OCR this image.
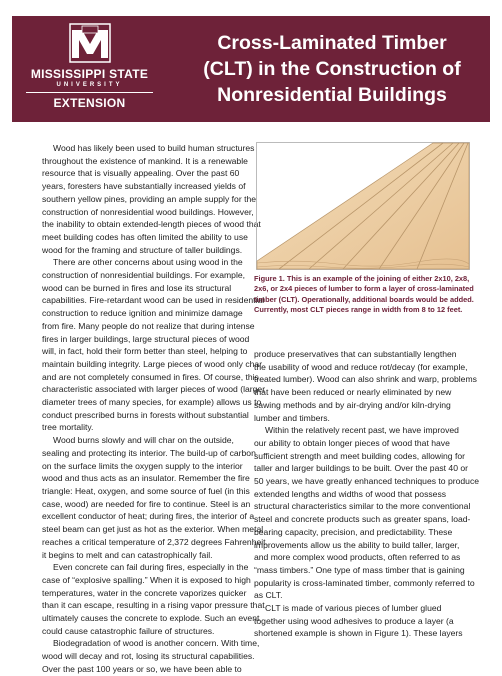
MISSISSIPPI STATE
UNIVERSITY
EXTENSION
Cross-Laminated Timber
(CLT) in the Construction of
Nonresidential Buildings
Wood has likely been used to build human structures
throughout the existence of mankind. It is a renewable
resource that is visually appealing. Over the past 60
years, foresters have substantially increased yields of
southern yellow pines, providing an ample supply for the
construction of nonresidential wood buildings. However,
the inability to obtain extended-length pieces of wood that
meet building codes has often limited the ability to use
wood for the framing and structure of taller buildings.
There are other concerns about using wood in the
construction of nonresidential buildings. For example,
wood can be burned in fires and lose its structural
capabilities. Fire-retardant wood can be used in residential
construction to reduce ignition and minimize damage
from fire. Many people do not realize that during intense
fires in larger buildings, large structural pieces of wood
will, in fact, hold their form better than steel, helping to
maintain building integrity. Large pieces of wood only char
and are not completely consumed in fires. Of course, this
characteristic associated with larger pieces of wood (larger
diameter trees of many species, for example) allows us to
conduct prescribed burns in forests without substantial
tree mortality.
Wood burns slowly and will char on the outside,
sealing and protecting its interior. The build-up of carbon
on the surface limits the oxygen supply to the interior
wood and thus acts as an insulator. Remember the fire
triangle: Heat, oxygen, and some source of fuel (in this
case, wood) are needed for fire to continue. Steel is an
excellent conductor of heat; during fires, the interior of a
steel beam can get just as hot as the exterior. When metal
reaches a critical temperature of 2,372 degrees Fahrenheit,
it begins to melt and can catastrophically fail.
Even concrete can fail during fires, especially in the
case of “explosive spalling.” When it is exposed to high
temperatures, water in the concrete vaporizes quicker
than it can escape, resulting in a rising vapor pressure that
ultimately causes the concrete to explode. Such an event
could cause catastrophic failure of structures.
Biodegradation of wood is another concern. With time,
wood will decay and rot, losing its structural capabilities.
Over the past 100 years or so, we have been able to
Figure 1. This is an example of the joining of either 2x10, 2x8, 2x6, or 2x4 pieces of lumber to form a layer of cross-laminated timber (CLT). Operationally, additional boards would be added. Currently, most CLT pieces range in width from 8 to 12 feet.
produce preservatives that can substantially lengthen
the usability of wood and reduce rot/decay (for example,
treated lumber). Wood can also shrink and warp, problems
that have been reduced or nearly eliminated by new
sawing methods and by air-drying and/or kiln-drying
lumber and timbers.
Within the relatively recent past, we have improved
our ability to obtain longer pieces of wood that have
sufficient strength and meet building codes, allowing for
taller and larger buildings to be built. Over the past 40 or
50 years, we have greatly enhanced techniques to produce
extended lengths and widths of wood that possess
structural characteristics similar to the more conventional
steel and concrete products such as greater spans, load-
bearing capacity, precision, and predictability. These
improvements allow us the ability to build taller, larger,
and more complex wood products, often referred to as
“mass timbers.” One type of mass timber that is gaining
popularity is cross-laminated timber, commonly referred to
as CLT.
CLT is made of various pieces of lumber glued
together using wood adhesives to produce a layer (a
shortened example is shown in Figure 1). These layers
